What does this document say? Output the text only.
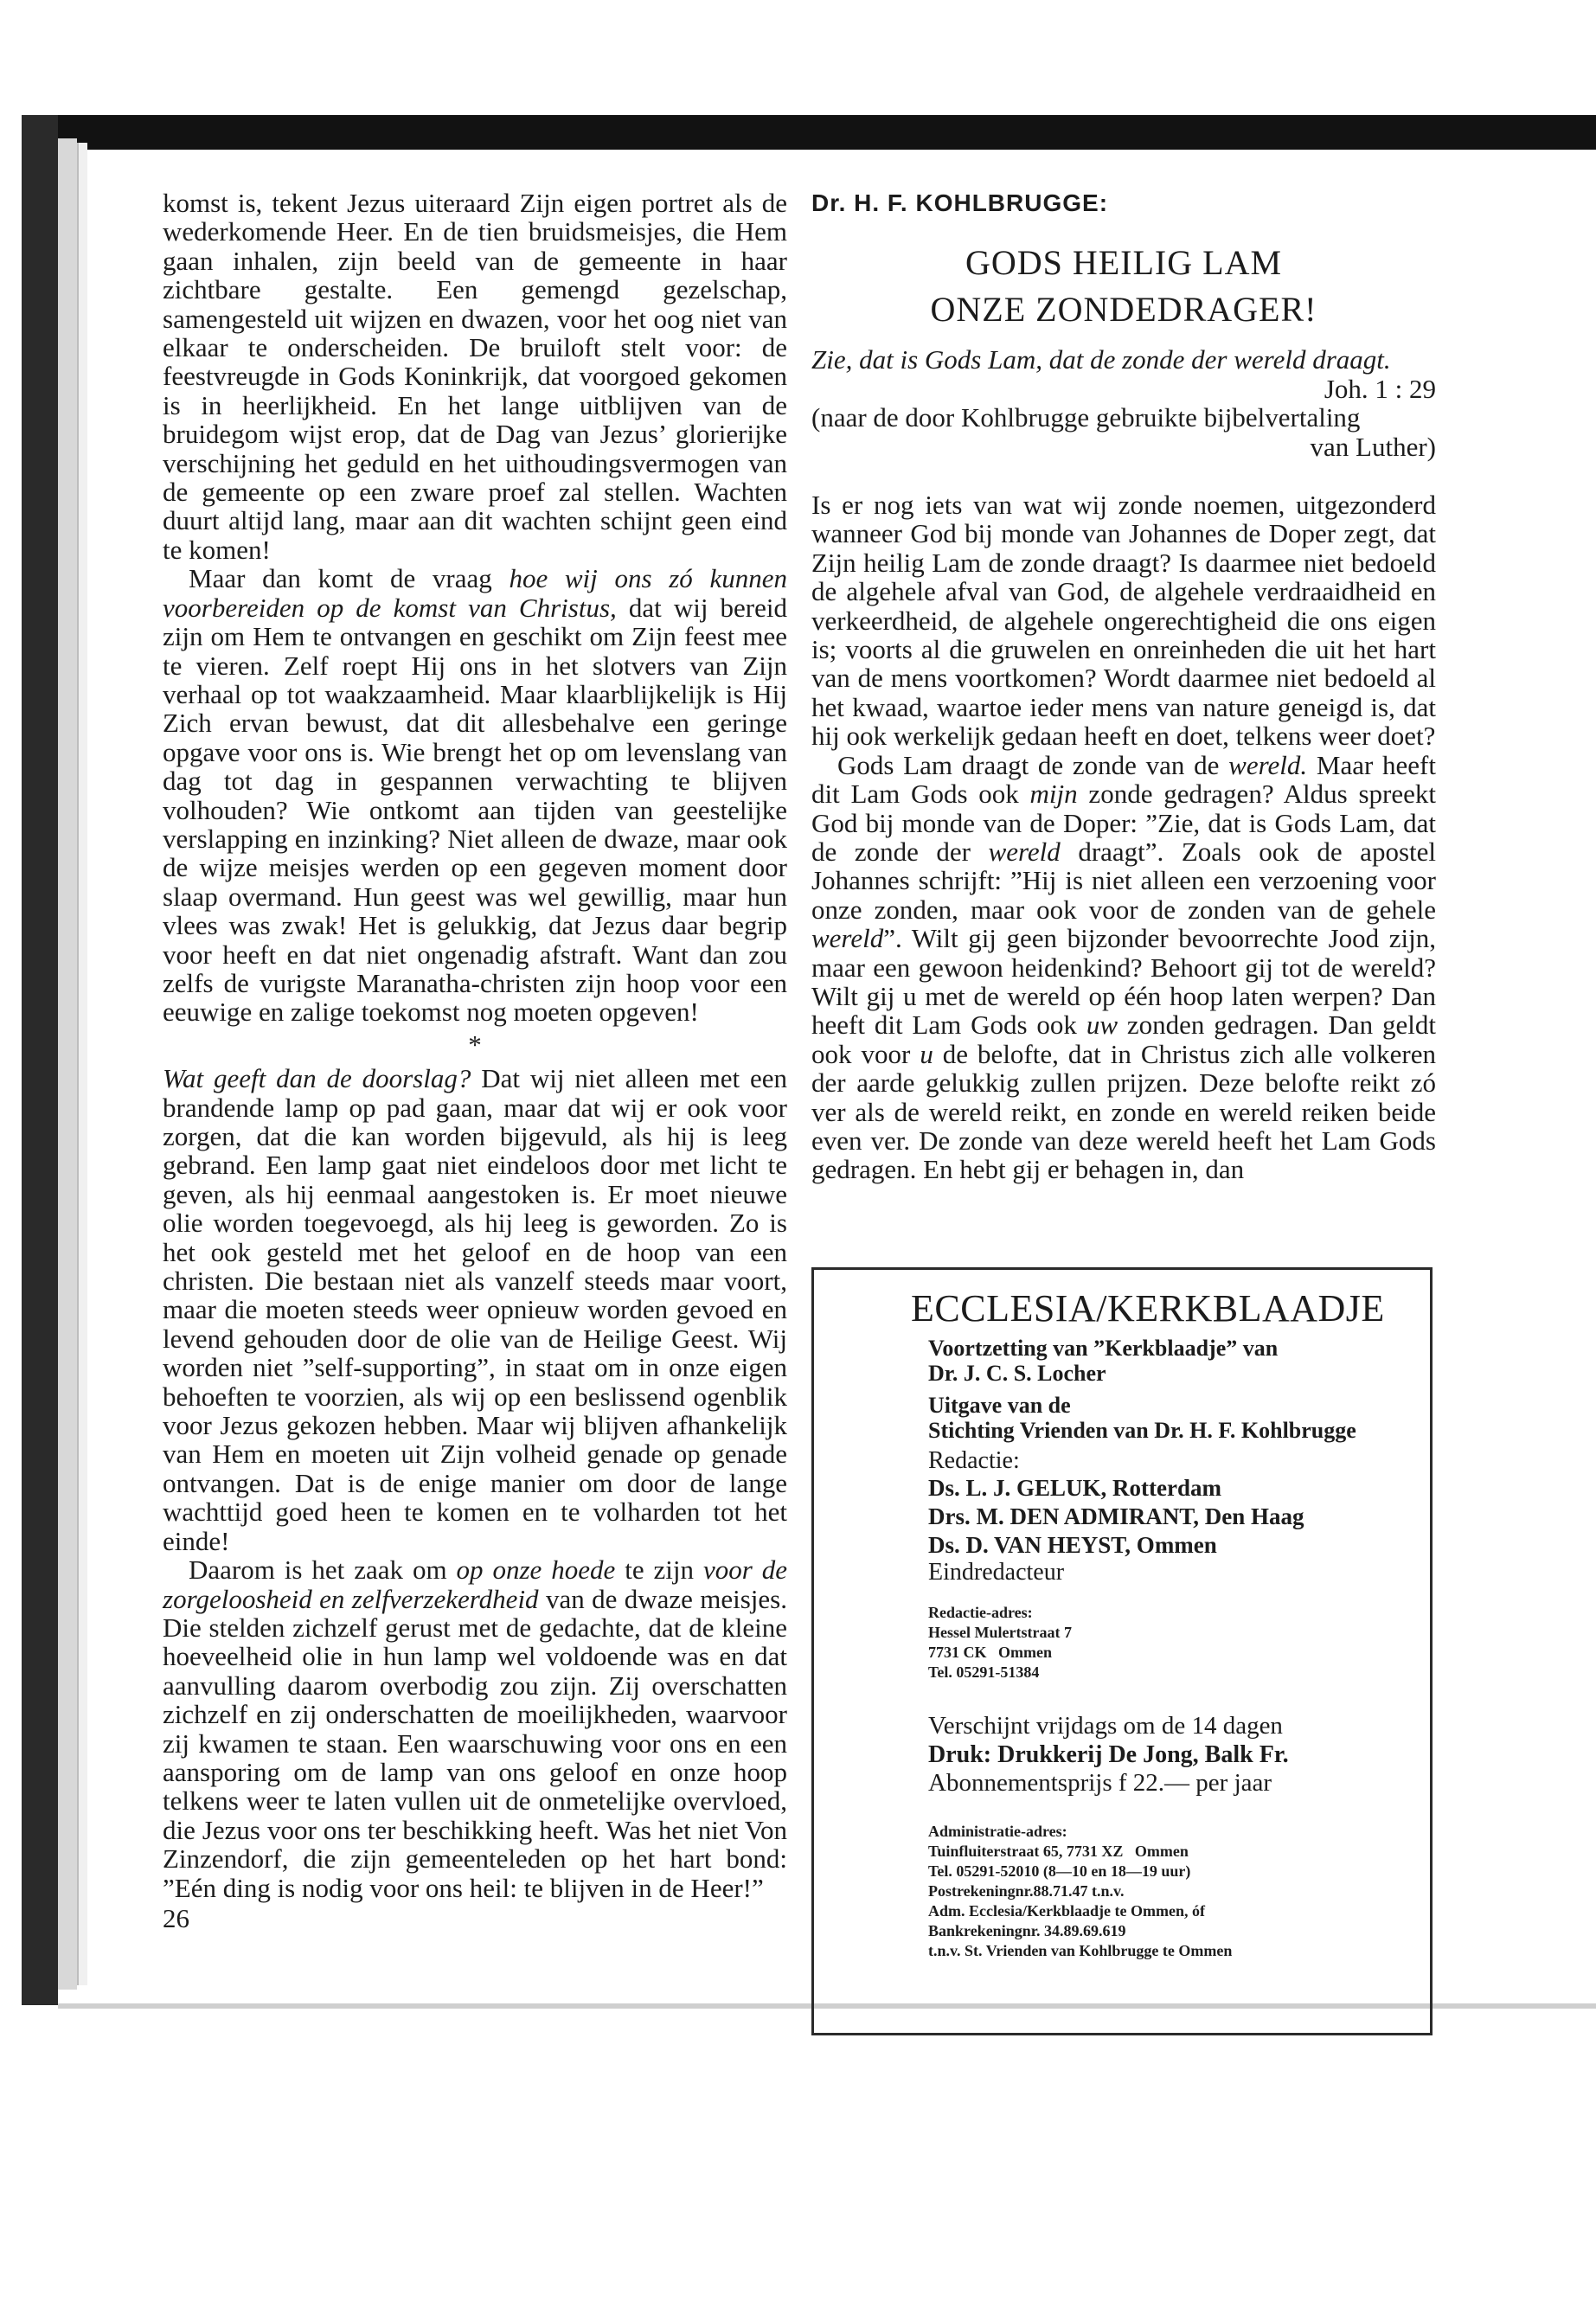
komst is, tekent Jezus uiteraard Zijn eigen portret als de wederkomende Heer. En de tien bruidsmeisjes, die Hem gaan inhalen, zijn beeld van de gemeente in haar zichtbare gestalte. Een gemengd gezelschap, samengesteld uit wijzen en dwazen, voor het oog niet van elkaar te onderscheiden. De bruiloft stelt voor: de feestvreugde in Gods Koninkrijk, dat voorgoed gekomen is in heerlijkheid. En het lange uitblijven van de bruidegom wijst erop, dat de Dag van Jezus’ glorierijke verschijning het geduld en het uithoudingsvermogen van de gemeente op een zware proef zal stellen. Wachten duurt altijd lang, maar aan dit wachten schijnt geen eind te komen!

Maar dan komt de vraag hoe wij ons zó kunnen voorbereiden op de komst van Christus, dat wij bereid zijn om Hem te ontvangen en geschikt om Zijn feest mee te vieren. Zelf roept Hij ons in het slotvers van Zijn verhaal op tot waakzaamheid. Maar klaarblijkelijk is Hij Zich ervan bewust, dat dit allesbehalve een geringe opgave voor ons is. Wie brengt het op om levenslang van dag tot dag in gespannen verwachting te blijven volhouden? Wie ontkomt aan tijden van geestelijke verslapping en inzinking? Niet alleen de dwaze, maar ook de wijze meisjes werden op een gegeven moment door slaap overmand. Hun geest was wel gewillig, maar hun vlees was zwak! Het is gelukkig, dat Jezus daar begrip voor heeft en dat niet ongenadig afstraft. Want dan zou zelfs de vurigste Maranatha-christen zijn hoop voor een eeuwige en zalige toekomst nog moeten opgeven!

*

Wat geeft dan de doorslag? Dat wij niet alleen met een brandende lamp op pad gaan, maar dat wij er ook voor zorgen, dat die kan worden bijgevuld, als hij is leeg gebrand. Een lamp gaat niet eindeloos door met licht te geven, als hij eenmaal aangestoken is. Er moet nieuwe olie worden toegevoegd, als hij leeg is geworden. Zo is het ook gesteld met het geloof en de hoop van een christen. Die bestaan niet als vanzelf steeds maar voort, maar die moeten steeds weer opnieuw worden gevoed en levend gehouden door de olie van de Heilige Geest. Wij worden niet ”self-supporting”, in staat om in onze eigen behoeften te voorzien, als wij op een beslissend ogenblik voor Jezus gekozen hebben. Maar wij blijven afhankelijk van Hem en moeten uit Zijn volheid genade op genade ontvangen. Dat is de enige manier om door de lange wachttijd goed heen te komen en te volharden tot het einde!

Daarom is het zaak om op onze hoede te zijn voor de zorgeloosheid en zelfverzekerdheid van de dwaze meisjes. Die stelden zichzelf gerust met de gedachte, dat de kleine hoeveelheid olie in hun lamp wel voldoende was en dat aanvulling daarom overbodig zou zijn. Zij overschatten zichzelf en zij onderschatten de moeilijkheden, waarvoor zij kwamen te staan. Een waarschuwing voor ons en een aansporing om de lamp van ons geloof en onze hoop telkens weer te laten vullen uit de onmetelijke overvloed, die Jezus voor ons ter beschikking heeft. Was het niet Von Zinzendorf, die zijn gemeenteleden op het hart bond: ”Eén ding is nodig voor ons heil: te blijven in de Heer!”

26

Dr. H. F. KOHLBRUGGE:

GODS HEILIG LAM
ONZE ZONDEDRAGER!

Zie, dat is Gods Lam, dat de zonde der wereld draagt.

Joh. 1 : 29

(naar de door Kohlbrugge gebruikte bijbelvertaling

van Luther)

Is er nog iets van wat wij zonde noemen, uitgezonderd wanneer God bij monde van Johannes de Doper zegt, dat Zijn heilig Lam de zonde draagt? Is daarmee niet bedoeld de algehele afval van God, de algehele verdraaidheid en verkeerdheid, de algehele ongerechtigheid die ons eigen is; voorts al die gruwelen en onreinheden die uit het hart van de mens voortkomen? Wordt daarmee niet bedoeld al het kwaad, waartoe ieder mens van nature geneigd is, dat hij ook werkelijk gedaan heeft en doet, telkens weer doet?

Gods Lam draagt de zonde van de wereld. Maar heeft dit Lam Gods ook mijn zonde gedragen? Aldus spreekt God bij monde van de Doper: ”Zie, dat is Gods Lam, dat de zonde der wereld draagt”. Zoals ook de apostel Johannes schrijft: ”Hij is niet alleen een verzoening voor onze zonden, maar ook voor de zonden van de gehele wereld”. Wilt gij geen bijzonder bevoorrechte Jood zijn, maar een gewoon heidenkind? Behoort gij tot de wereld? Wilt gij u met de wereld op één hoop laten werpen? Dan heeft dit Lam Gods ook uw zonden gedragen. Dan geldt ook voor u de belofte, dat in Christus zich alle volkeren der aarde gelukkig zullen prijzen. Deze belofte reikt zó ver als de wereld reikt, en zonde en wereld reiken beide even ver. De zonde van deze wereld heeft het Lam Gods gedragen. En hebt gij er behagen in, dan

ECCLESIA/KERKBLAADJE

Voortzetting van ”Kerkblaadje” van

Dr. J. C. S. Locher

Uitgave van de

Stichting Vrienden van Dr. H. F. Kohlbrugge

Redactie:

Ds. L. J. GELUK, Rotterdam

Drs. M. DEN ADMIRANT, Den Haag

Ds. D. VAN HEYST, Ommen

Eindredacteur

Redactie-adres:

Hessel Mulertstraat 7

7731 CK   Ommen

Tel. 05291-51384

Verschijnt vrijdags om de 14 dagen

Druk: Drukkerij De Jong, Balk Fr.

Abonnementsprijs f 22.— per jaar

Administratie-adres:

Tuinfluiterstraat 65, 7731 XZ   Ommen

Tel. 05291-52010 (8—10 en 18—19 uur)

Postrekeningnr.88.71.47 t.n.v.

Adm. Ecclesia/Kerkblaadje te Ommen, óf

Bankrekeningnr. 34.89.69.619

t.n.v. St. Vrienden van Kohlbrugge te Ommen
